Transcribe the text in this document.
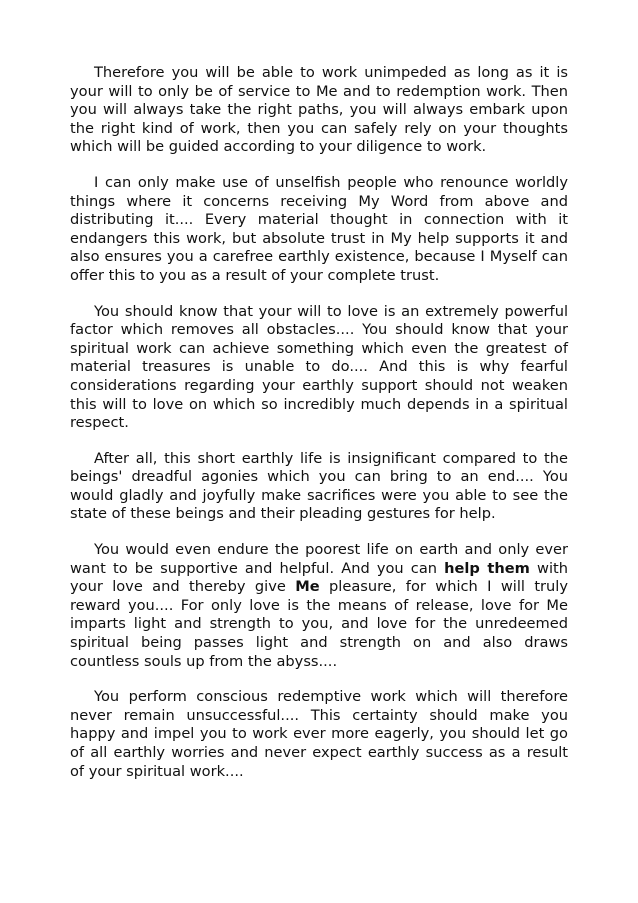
Therefore you will be able to work unimpeded as long as it is your will to only be of service to Me and to redemption work. Then you will always take the right paths, you will always embark upon the right kind of work, then you can safely rely on your thoughts which will be guided according to your diligence to work.

I can only make use of unselfish people who renounce worldly things where it concerns receiving My Word from above and distributing it.... Every material thought in connection with it endangers this work, but absolute trust in My help supports it and also ensures you a carefree earthly existence, because I Myself can offer this to you as a result of your complete trust.

You should know that your will to love is an extremely powerful factor which removes all obstacles.... You should know that your spiritual work can achieve something which even the greatest of material treasures is unable to do.... And this is why fearful considerations regarding your earthly support should not weaken this will to love on which so incredibly much depends in a spiritual respect.

After all, this short earthly life is insignificant compared to the beings' dreadful agonies which you can bring to an end.... You would gladly and joyfully make sacrifices were you able to see the state of these beings and their pleading gestures for help.

You would even endure the poorest life on earth and only ever want to be supportive and helpful. And you can help them with your love and thereby give Me pleasure, for which I will truly reward you.... For only love is the means of release, love for Me imparts light and strength to you, and love for the unredeemed spiritual being passes light and strength on and also draws countless souls up from the abyss....

You perform conscious redemptive work which will therefore never remain unsuccessful.... This certainty should make you happy and impel you to work ever more eagerly, you should let go of all earthly worries and never expect earthly success as a result of your spiritual work....
